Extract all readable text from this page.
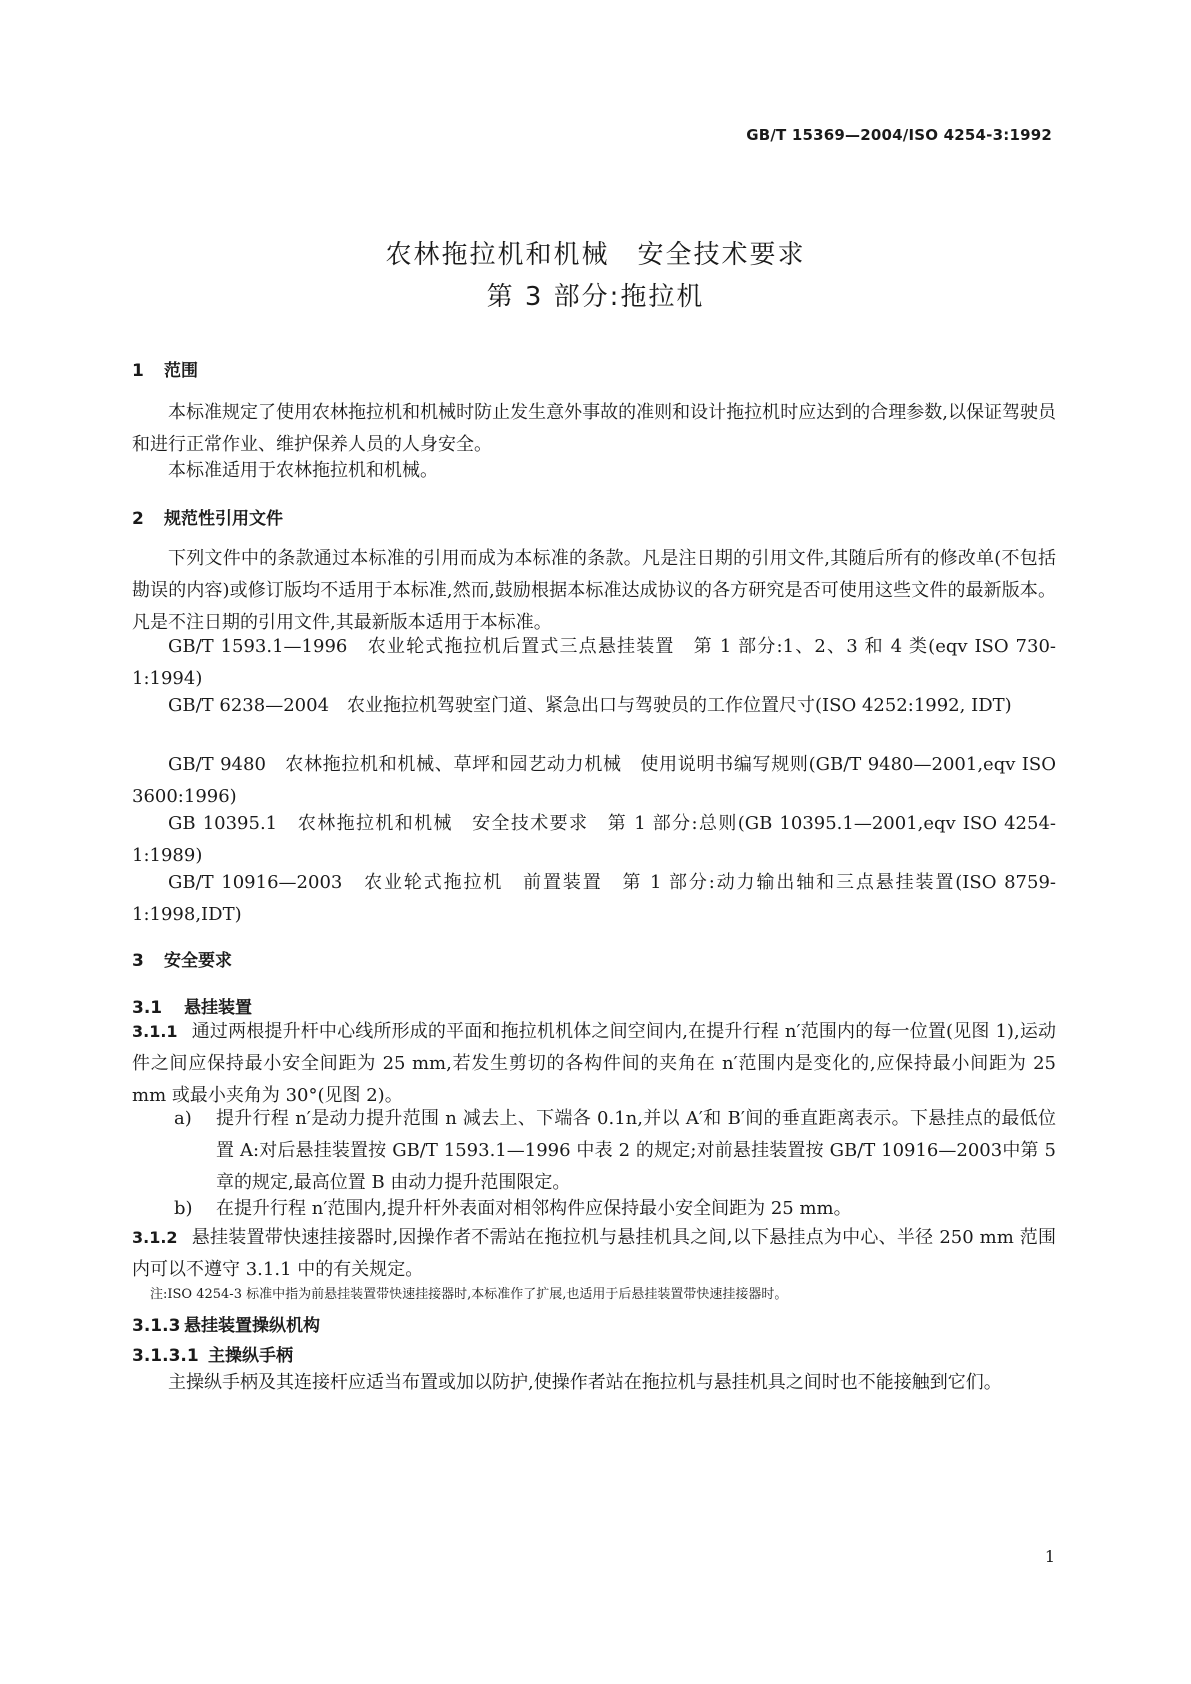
GB/T 15369—2004/ISO 4254-3:1992
农林拖拉机和机械　安全技术要求
第 3 部分:拖拉机
1 范围
本标准规定了使用农林拖拉机和机械时防止发生意外事故的准则和设计拖拉机时应达到的合理参数,以保证驾驶员和进行正常作业、维护保养人员的人身安全。
本标准适用于农林拖拉机和机械。
2 规范性引用文件
下列文件中的条款通过本标准的引用而成为本标准的条款。凡是注日期的引用文件,其随后所有的修改单(不包括勘误的内容)或修订版均不适用于本标准,然而,鼓励根据本标准达成协议的各方研究是否可使用这些文件的最新版本。凡是不注日期的引用文件,其最新版本适用于本标准。
GB/T 1593.1—1996　农业轮式拖拉机后置式三点悬挂装置　第 1 部分:1、2、3 和 4 类(eqv ISO 730-1:1994)
GB/T 6238—2004　农业拖拉机驾驶室门道、紧急出口与驾驶员的工作位置尺寸(ISO 4252:1992, IDT)
GB/T 9480　农林拖拉机和机械、草坪和园艺动力机械　使用说明书编写规则(GB/T 9480—2001,eqv ISO 3600:1996)
GB 10395.1　农林拖拉机和机械　安全技术要求　第 1 部分:总则(GB 10395.1—2001,eqv ISO 4254-1:1989)
GB/T 10916—2003　农业轮式拖拉机　前置装置　第 1 部分:动力输出轴和三点悬挂装置(ISO 8759-1:1998,IDT)
3 安全要求
3.1 悬挂装置
3.1.1 通过两根提升杆中心线所形成的平面和拖拉机机体之间空间内,在提升行程 n′范围内的每一位置(见图 1),运动件之间应保持最小安全间距为 25 mm,若发生剪切的各构件间的夹角在 n′范围内是变化的,应保持最小间距为 25 mm 或最小夹角为 30°(见图 2)。
a)	提升行程 n′是动力提升范围 n 减去上、下端各 0.1n,并以 A′和 B′间的垂直距离表示。下悬挂点的最低位置 A:对后悬挂装置按 GB/T 1593.1—1996 中表 2 的规定;对前悬挂装置按 GB/T 10916—2003中第 5 章的规定,最高位置 B 由动力提升范围限定。
b)	在提升行程 n′范围内,提升杆外表面对相邻构件应保持最小安全间距为 25 mm。
3.1.2 悬挂装置带快速挂接器时,因操作者不需站在拖拉机与悬挂机具之间,以下悬挂点为中心、半径 250 mm 范围内可以不遵守 3.1.1 中的有关规定。
注:ISO 4254-3 标准中指为前悬挂装置带快速挂接器时,本标准作了扩展,也适用于后悬挂装置带快速挂接器时。
3.1.3 悬挂装置操纵机构
3.1.3.1 主操纵手柄
主操纵手柄及其连接杆应适当布置或加以防护,使操作者站在拖拉机与悬挂机具之间时也不能接触到它们。
1
